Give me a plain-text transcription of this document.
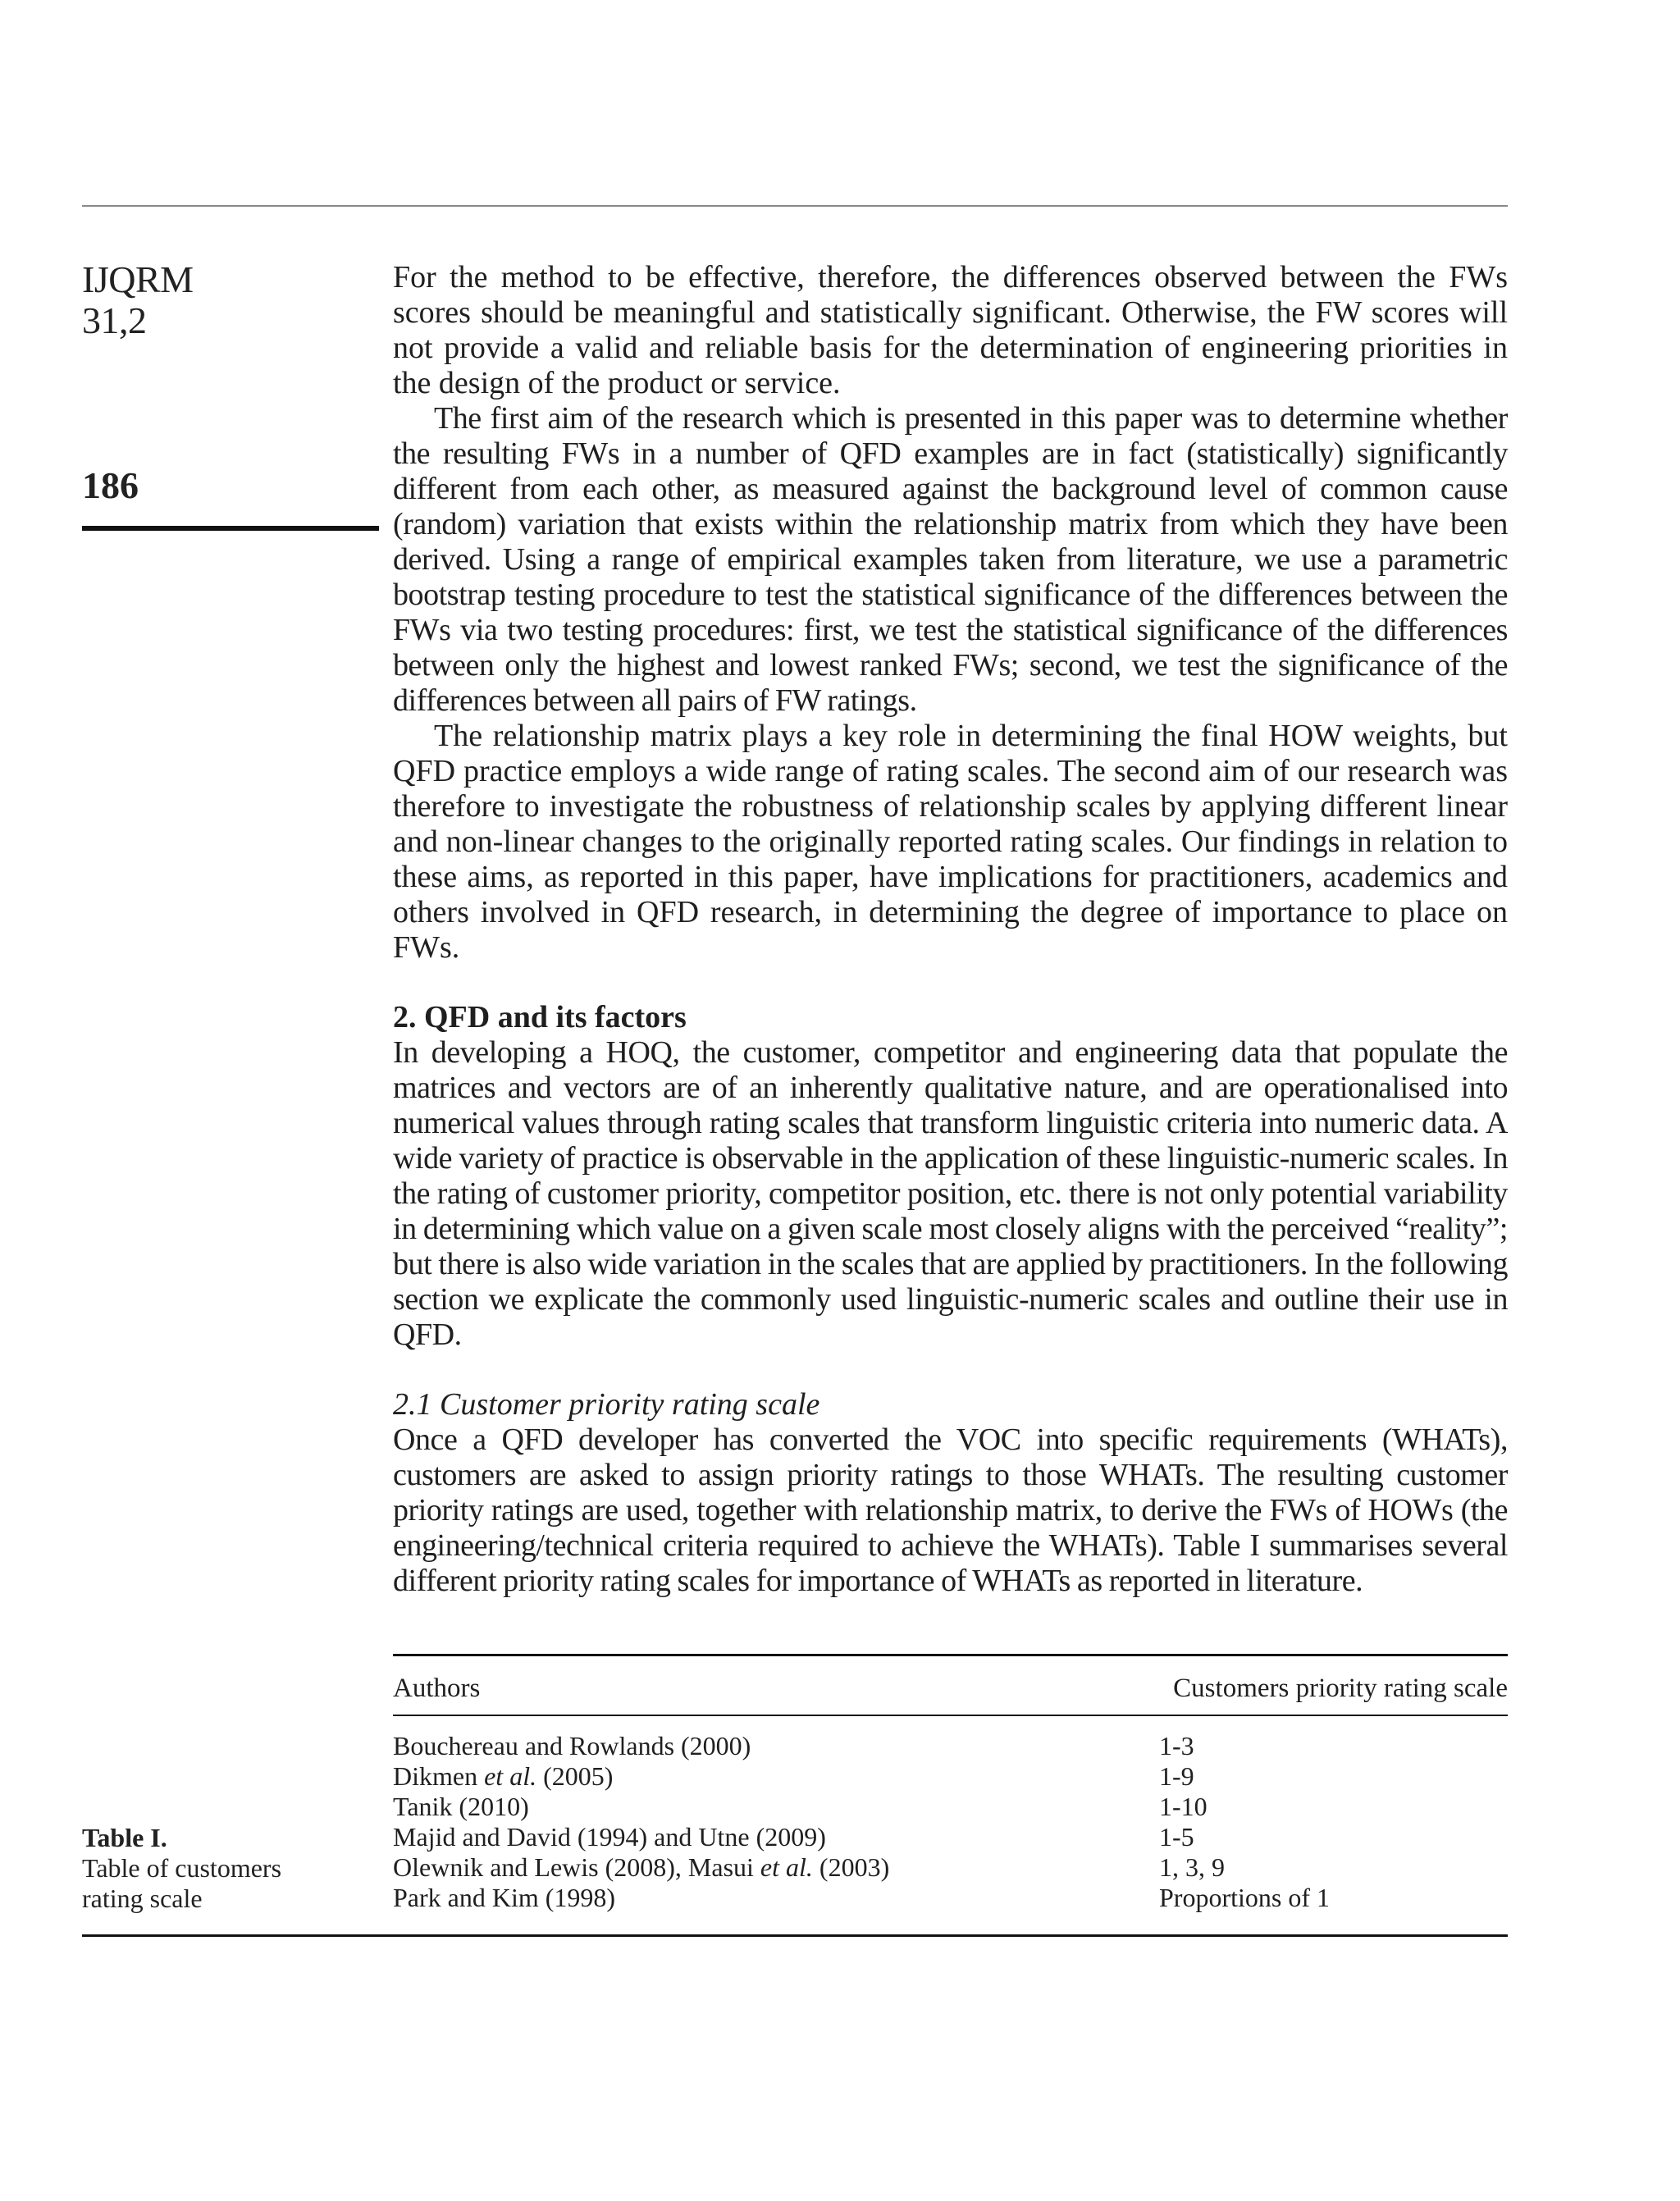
IJQRM
31,2
186

For the method to be effective, therefore, the differences observed between the FWs scores should be meaningful and statistically significant. Otherwise, the FW scores will not provide a valid and reliable basis for the determination of engineering priorities in the design of the product or service.

The first aim of the research which is presented in this paper was to determine whether the resulting FWs in a number of QFD examples are in fact (statistically) significantly different from each other, as measured against the background level of common cause (random) variation that exists within the relationship matrix from which they have been derived. Using a range of empirical examples taken from literature, we use a parametric bootstrap testing procedure to test the statistical significance of the differences between the FWs via two testing procedures: first, we test the statistical significance of the differences between only the highest and lowest ranked FWs; second, we test the significance of the differences between all pairs of FW ratings.

The relationship matrix plays a key role in determining the final HOW weights, but QFD practice employs a wide range of rating scales. The second aim of our research was therefore to investigate the robustness of relationship scales by applying different linear and non-linear changes to the originally reported rating scales. Our findings in relation to these aims, as reported in this paper, have implications for practitioners, academics and others involved in QFD research, in determining the degree of importance to place on FWs.

2. QFD and its factors

In developing a HOQ, the customer, competitor and engineering data that populate the matrices and vectors are of an inherently qualitative nature, and are operationalised into numerical values through rating scales that transform linguistic criteria into numeric data. A wide variety of practice is observable in the application of these linguistic-numeric scales. In the rating of customer priority, competitor position, etc. there is not only potential variability in determining which value on a given scale most closely aligns with the perceived “reality”; but there is also wide variation in the scales that are applied by practitioners. In the following section we explicate the commonly used linguistic-numeric scales and outline their use in QFD.

2.1 Customer priority rating scale

Once a QFD developer has converted the VOC into specific requirements (WHATs), customers are asked to assign priority ratings to those WHATs. The resulting customer priority ratings are used, together with relationship matrix, to derive the FWs of HOWs (the engineering/technical criteria required to achieve the WHATs). Table I summarises several different priority rating scales for importance of WHATs as reported in literature.

Table I.
Table of customers
rating scale
Authors	Customers priority rating scale
Bouchereau and Rowlands (2000)	1-3
Dikmen et al. (2005)	1-9
Tanik (2010)	1-10
Majid and David (1994) and Utne (2009)	1-5
Olewnik and Lewis (2008), Masui et al. (2003)	1, 3, 9
Park and Kim (1998)	Proportions of 1
